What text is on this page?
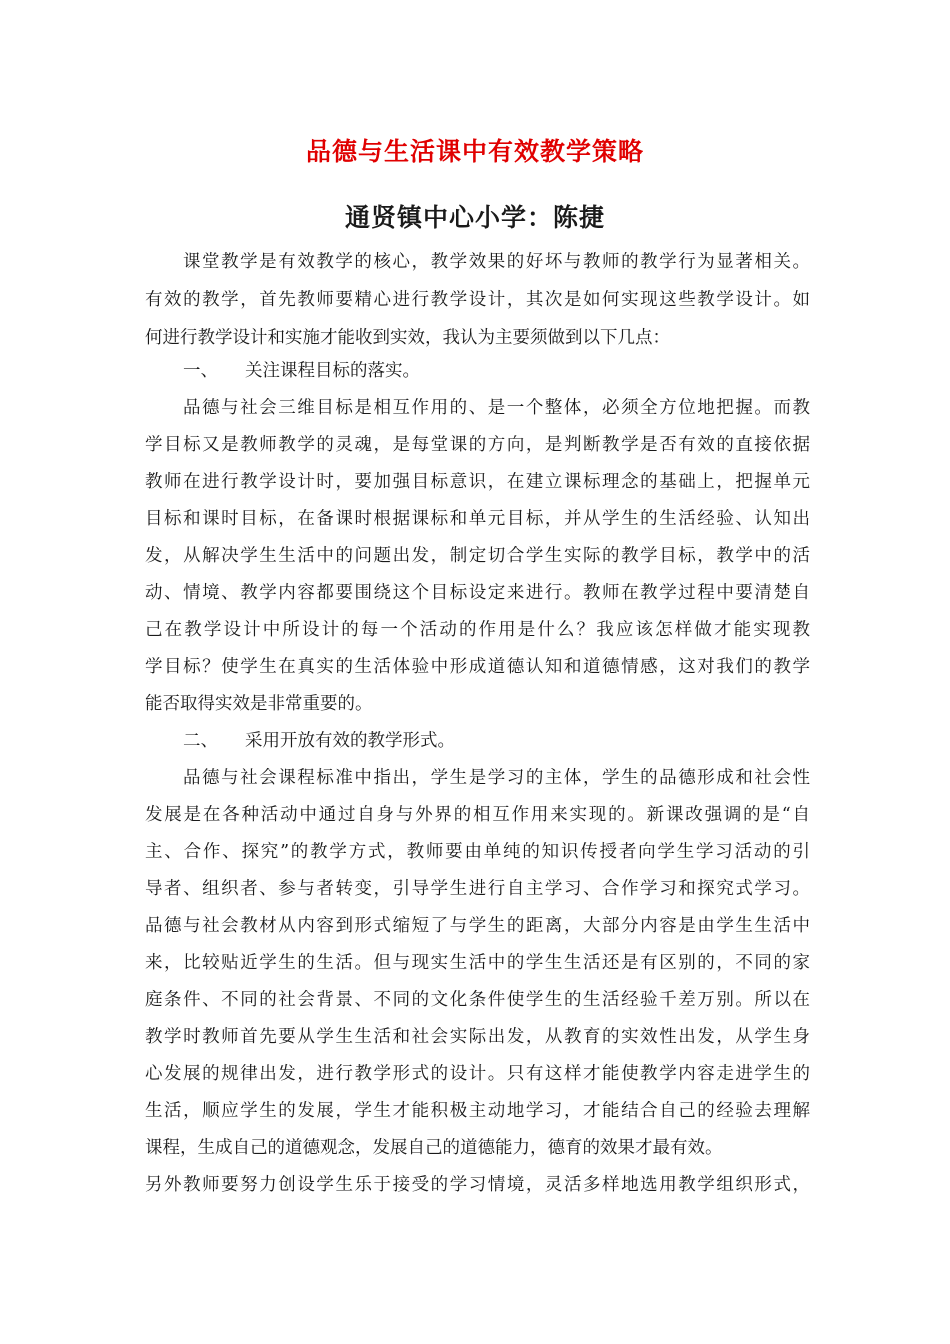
品德与生活课中有效教学策略
通贤镇中心小学：陈捷
课堂教学是有效教学的核心，教学效果的好坏与教师的教学行为显著相关。
有效的教学，首先教师要精心进行教学设计，其次是如何实现这些教学设计。如
何进行教学设计和实施才能收到实效，我认为主要须做到以下几点：
一、 关注课程目标的落实。
品德与社会三维目标是相互作用的、是一个整体，必须全方位地把握。而教
学目标又是教师教学的灵魂，是每堂课的方向，是判断教学是否有效的直接依据
教师在进行教学设计时，要加强目标意识，在建立课标理念的基础上，把握单元
目标和课时目标，在备课时根据课标和单元目标，并从学生的生活经验、认知出
发，从解决学生生活中的问题出发，制定切合学生实际的教学目标，教学中的活
动、情境、教学内容都要围绕这个目标设定来进行。教师在教学过程中要清楚自
己在教学设计中所设计的每一个活动的作用是什么？我应该怎样做才能实现教
学目标？使学生在真实的生活体验中形成道德认知和道德情感，这对我们的教学
能否取得实效是非常重要的。
二、 采用开放有效的教学形式。
品德与社会课程标准中指出，学生是学习的主体，学生的品德形成和社会性
发展是在各种活动中通过自身与外界的相互作用来实现的。新课改强调的是“自
主、合作、探究”的教学方式，教师要由单纯的知识传授者向学生学习活动的引
导者、组织者、参与者转变，引导学生进行自主学习、合作学习和探究式学习。
品德与社会教材从内容到形式缩短了与学生的距离，大部分内容是由学生生活中
来，比较贴近学生的生活。但与现实生活中的学生生活还是有区别的，不同的家
庭条件、不同的社会背景、不同的文化条件使学生的生活经验千差万别。所以在
教学时教师首先要从学生生活和社会实际出发，从教育的实效性出发，从学生身
心发展的规律出发，进行教学形式的设计。只有这样才能使教学内容走进学生的
生活，顺应学生的发展，学生才能积极主动地学习，才能结合自己的经验去理解
课程，生成自己的道德观念，发展自己的道德能力，德育的效果才最有效。
另外教师要努力创设学生乐于接受的学习情境，灵活多样地选用教学组织形式，
